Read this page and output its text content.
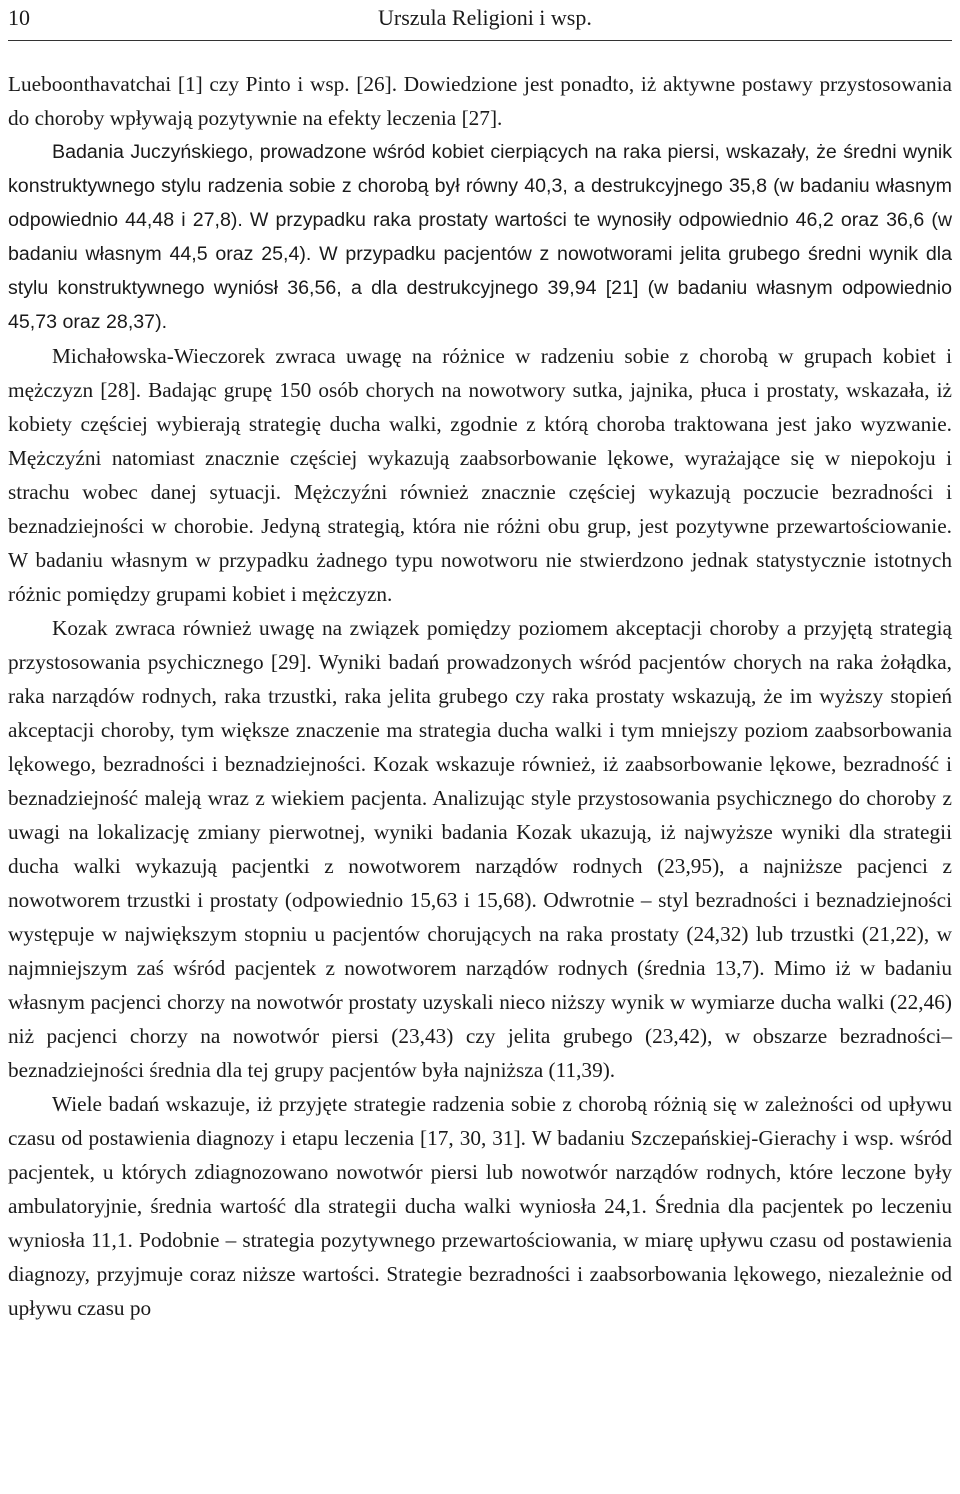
10	Urszula Religioni i wsp.

Lueboonthavatchai [1] czy Pinto i wsp. [26]. Dowiedzione jest ponadto, iż aktywne postawy przystosowania do choroby wpływają pozytywnie na efekty leczenia [27].

Badania Juczyńskiego, prowadzone wśród kobiet cierpiących na raka piersi, wskazały, że średni wynik konstruktywnego stylu radzenia sobie z chorobą był równy 40,3, a destrukcyjnego 35,8 (w badaniu własnym odpowiednio 44,48 i 27,8). W przypadku raka prostaty wartości te wynosiły odpowiednio 46,2 oraz 36,6 (w badaniu własnym 44,5 oraz 25,4). W przypadku pacjentów z nowotworami jelita grubego średni wynik dla stylu konstruktywnego wyniósł 36,56, a dla destrukcyjnego 39,94 [21] (w badaniu własnym odpowiednio 45,73 oraz 28,37).

Michałowska-Wieczorek zwraca uwagę na różnice w radzeniu sobie z chorobą w grupach kobiet i mężczyzn [28]. Badając grupę 150 osób chorych na nowotwory sutka, jajnika, płuca i prostaty, wskazała, iż kobiety częściej wybierają strategię ducha walki, zgodnie z którą choroba traktowana jest jako wyzwanie. Mężczyźni natomiast znacznie częściej wykazują zaabsorbowanie lękowe, wyrażające się w niepokoju i strachu wobec danej sytuacji. Mężczyźni również znacznie częściej wykazują poczucie bezradności i beznadziejności w chorobie. Jedyną strategią, która nie różni obu grup, jest pozytywne przewartościowanie. W badaniu własnym w przypadku żadnego typu nowotworu nie stwierdzono jednak statystycznie istotnych różnic pomiędzy grupami kobiet i mężczyzn.

Kozak zwraca również uwagę na związek pomiędzy poziomem akceptacji choroby a przyjętą strategią przystosowania psychicznego [29]. Wyniki badań prowadzonych wśród pacjentów chorych na raka żołądka, raka narządów rodnych, raka trzustki, raka jelita grubego czy raka prostaty wskazują, że im wyższy stopień akceptacji choroby, tym większe znaczenie ma strategia ducha walki i tym mniejszy poziom zaabsorbowania lękowego, bezradności i beznadziejności. Kozak wskazuje również, iż zaabsorbowanie lękowe, bezradność i beznadziejność maleją wraz z wiekiem pacjenta. Analizując style przystosowania psychicznego do choroby z uwagi na lokalizację zmiany pierwotnej, wyniki badania Kozak ukazują, iż najwyższe wyniki dla strategii ducha walki wykazują pacjentki z nowotworem narządów rodnych (23,95), a najniższe pacjenci z nowotworem trzustki i prostaty (odpowiednio 15,63 i 15,68). Odwrotnie – styl bezradności i beznadziejności występuje w największym stopniu u pacjentów chorujących na raka prostaty (24,32) lub trzustki (21,22), w najmniejszym zaś wśród pacjentek z nowotworem narządów rodnych (średnia 13,7). Mimo iż w badaniu własnym pacjenci chorzy na nowotwór prostaty uzyskali nieco niższy wynik w wymiarze ducha walki (22,46) niż pacjenci chorzy na nowotwór piersi (23,43) czy jelita grubego (23,42), w obszarze bezradności–beznadziejności średnia dla tej grupy pacjentów była najniższa (11,39).

Wiele badań wskazuje, iż przyjęte strategie radzenia sobie z chorobą różnią się w zależności od upływu czasu od postawienia diagnozy i etapu leczenia [17, 30, 31]. W badaniu Szczepańskiej-Gierachy i wsp. wśród pacjentek, u których zdiagnozowano nowotwór piersi lub nowotwór narządów rodnych, które leczone były ambulatoryjnie, średnia wartość dla strategii ducha walki wyniosła 24,1. Średnia dla pacjentek po leczeniu wyniosła 11,1. Podobnie – strategia pozytywnego przewartościowania, w miarę upływu czasu od postawienia diagnozy, przyjmuje coraz niższe wartości. Strategie bezradności i zaabsorbowania lękowego, niezależnie od upływu czasu po
